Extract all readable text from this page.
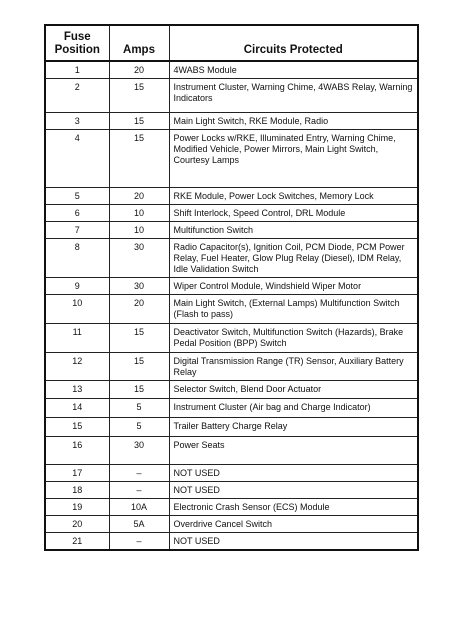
Fuse
Position	Amps	Circuits Protected
1	20	4WABS Module
2	15	Instrument Cluster, Warning Chime, 4WABS Relay, Warning Indicators
3	15	Main Light Switch, RKE Module, Radio
4	15	Power Locks w/RKE, Illuminated Entry, Warning Chime, Modified Vehicle, Power Mirrors, Main Light Switch, Courtesy Lamps
5	20	RKE Module, Power Lock Switches, Memory Lock
6	10	Shift Interlock, Speed Control, DRL Module
7	10	Multifunction Switch
8	30	Radio Capacitor(s), Ignition Coil, PCM Diode, PCM Power Relay, Fuel Heater, Glow Plug Relay (Diesel), IDM Relay, Idle Validation Switch
9	30	Wiper Control Module, Windshield Wiper Motor
10	20	Main Light Switch, (External Lamps) Multifunction Switch (Flash to pass)
11	15	Deactivator Switch, Multifunction Switch (Hazards), Brake Pedal Position (BPP) Switch
12	15	Digital Transmission Range (TR) Sensor, Auxiliary Battery Relay
13	15	Selector Switch, Blend Door Actuator
14	5	Instrument Cluster (Air bag and Charge Indicator)
15	5	Trailer Battery Charge Relay
16	30	Power Seats
17	–	NOT USED
18	–	NOT USED
19	10A	Electronic Crash Sensor (ECS) Module
20	5A	Overdrive Cancel Switch
21	–	NOT USED
